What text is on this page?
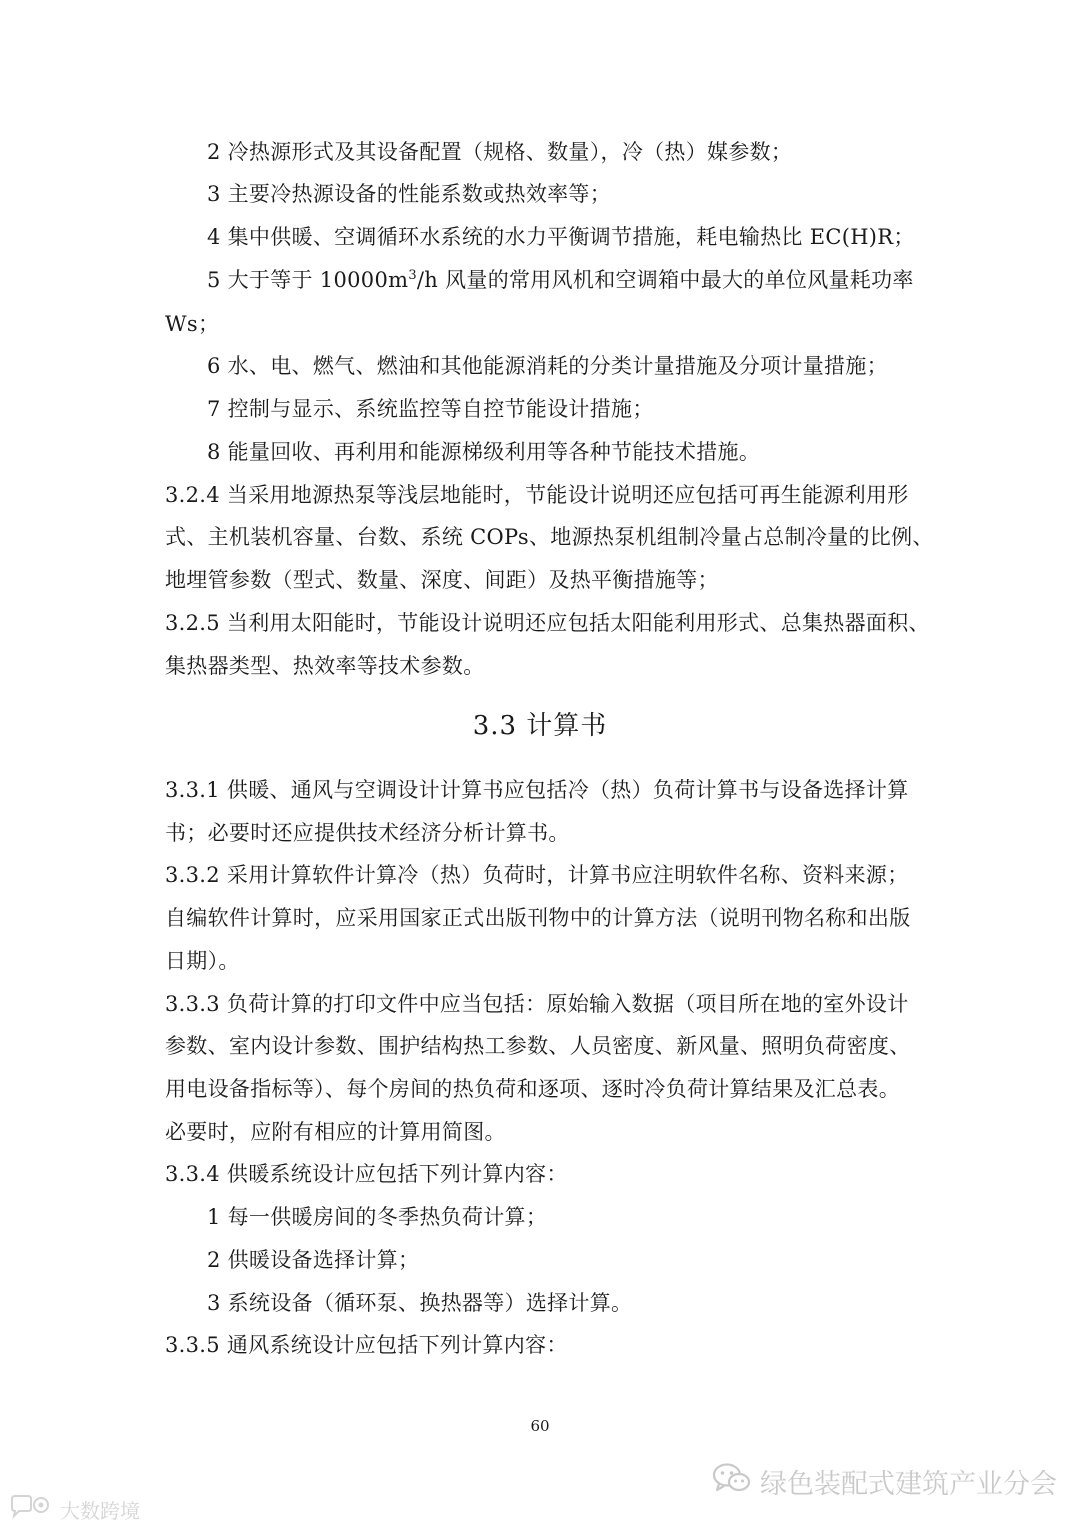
2 冷热源形式及其设备配置（规格、数量），冷（热）媒参数；
3 主要冷热源设备的性能系数或热效率等；
4 集中供暖、空调循环水系统的水力平衡调节措施，耗电输热比 EC(H)R；
5 大于等于 $10000m^3/h$ 风量的常用风机和空调箱中最大的单位风量耗功率
Ws；
6 水、电、燃气、燃油和其他能源消耗的分类计量措施及分项计量措施；
7 控制与显示、系统监控等自控节能设计措施；
8 能量回收、再利用和能源梯级利用等各种节能技术措施。
3.2.4 当采用地源热泵等浅层地能时，节能设计说明还应包括可再生能源利用形
式、主机装机容量、台数、系统 COPs、地源热泵机组制冷量占总制冷量的比例、
地埋管参数（型式、数量、深度、间距）及热平衡措施等；
3.2.5 当利用太阳能时，节能设计说明还应包括太阳能利用形式、总集热器面积、
集热器类型、热效率等技术参数。
3.3 计算书
3.3.1 供暖、通风与空调设计计算书应包括冷（热）负荷计算书与设备选择计算
书；必要时还应提供技术经济分析计算书。
3.3.2 采用计算软件计算冷（热）负荷时，计算书应注明软件名称、资料来源；
自编软件计算时，应采用国家正式出版刊物中的计算方法（说明刊物名称和出版
日期）。
3.3.3 负荷计算的打印文件中应当包括：原始输入数据（项目所在地的室外设计
参数、室内设计参数、围护结构热工参数、人员密度、新风量、照明负荷密度、
用电设备指标等）、每个房间的热负荷和逐项、逐时冷负荷计算结果及汇总表。
必要时，应附有相应的计算用简图。
3.3.4 供暖系统设计应包括下列计算内容：
1 每一供暖房间的冬季热负荷计算；
2 供暖设备选择计算；
3 系统设备（循环泵、换热器等）选择计算。
3.3.5 通风系统设计应包括下列计算内容：
60
绿色装配式建筑产业分会
大数跨境
